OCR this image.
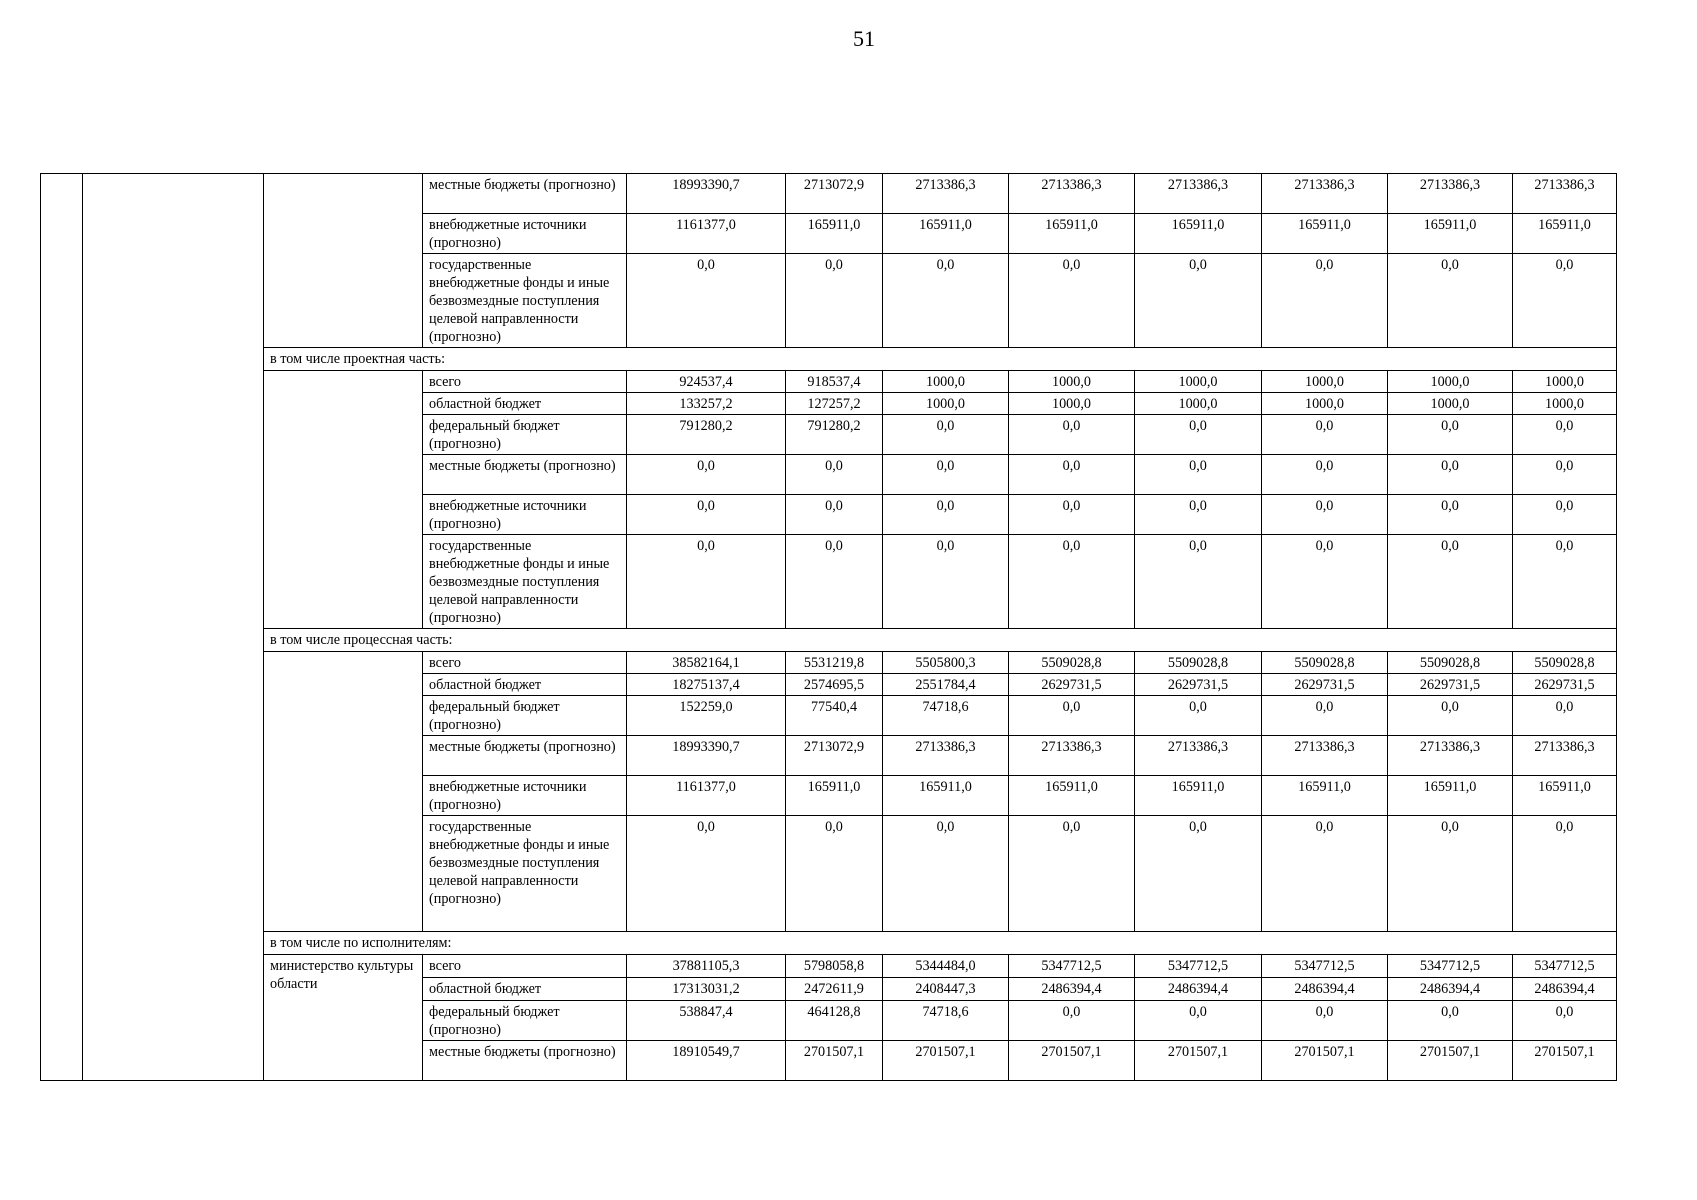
51
			местные бюджеты (прогнозно)	18993390,7	2713072,9	2713386,3	2713386,3	2713386,3	2713386,3	2713386,3	2713386,3
			внебюджетные источники (прогнозно)	1161377,0	165911,0	165911,0	165911,0	165911,0	165911,0	165911,0	165911,0
			государственные внебюджетные фонды и иные безвозмездные поступления целевой направленности (прогнозно)	0,0	0,0	0,0	0,0	0,0	0,0	0,0	0,0
		в том числе проектная часть:									
			всего	924537,4	918537,4	1000,0	1000,0	1000,0	1000,0	1000,0	1000,0
			областной бюджет	133257,2	127257,2	1000,0	1000,0	1000,0	1000,0	1000,0	1000,0
			федеральный бюджет (прогнозно)	791280,2	791280,2	0,0	0,0	0,0	0,0	0,0	0,0
			местные бюджеты (прогнозно)	0,0	0,0	0,0	0,0	0,0	0,0	0,0	0,0
			внебюджетные источники (прогнозно)	0,0	0,0	0,0	0,0	0,0	0,0	0,0	0,0
			государственные внебюджетные фонды и иные безвозмездные поступления целевой направленности (прогнозно)	0,0	0,0	0,0	0,0	0,0	0,0	0,0	0,0
		в том числе процессная часть:									
			всего	38582164,1	5531219,8	5505800,3	5509028,8	5509028,8	5509028,8	5509028,8	5509028,8
			областной бюджет	18275137,4	2574695,5	2551784,4	2629731,5	2629731,5	2629731,5	2629731,5	2629731,5
			федеральный бюджет (прогнозно)	152259,0	77540,4	74718,6	0,0	0,0	0,0	0,0	0,0
			местные бюджеты (прогнозно)	18993390,7	2713072,9	2713386,3	2713386,3	2713386,3	2713386,3	2713386,3	2713386,3
			внебюджетные источники (прогнозно)	1161377,0	165911,0	165911,0	165911,0	165911,0	165911,0	165911,0	165911,0
			государственные внебюджетные фонды и иные безвозмездные поступления целевой направленности (прогнозно)	0,0	0,0	0,0	0,0	0,0	0,0	0,0	0,0
		в том числе по исполнителям:									
		министерство культуры области	всего	37881105,3	5798058,8	5344484,0	5347712,5	5347712,5	5347712,5	5347712,5	5347712,5
			областной бюджет	17313031,2	2472611,9	2408447,3	2486394,4	2486394,4	2486394,4	2486394,4	2486394,4
			федеральный бюджет (прогнозно)	538847,4	464128,8	74718,6	0,0	0,0	0,0	0,0	0,0
			местные бюджеты (прогнозно)	18910549,7	2701507,1	2701507,1	2701507,1	2701507,1	2701507,1	2701507,1	2701507,1
